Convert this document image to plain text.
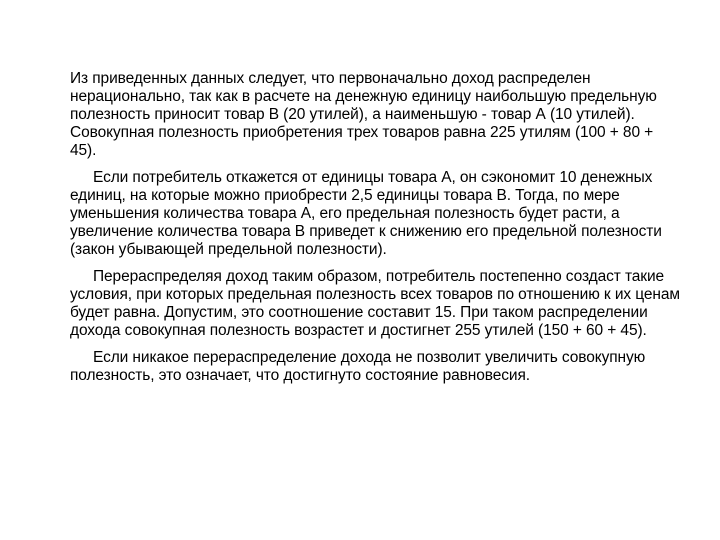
Из приведенных данных следует, что первоначально доход распределен нерационально, так как в расчете на денежную единицу наибольшую предельную полезность приносит товар В (20 утилей), а наименьшую - товар А (10 утилей). Совокупная полезность приобретения трех товаров равна 225 утилям (100 + 80 + 45).

Если потребитель откажется от единицы товара А, он сэкономит 10 денежных единиц, на которые можно приобрести 2,5 единицы товара В. Тогда, по мере уменьшения количества товара А, его предельная полезность будет расти, а увеличение количества товара В приведет к снижению его предельной полезности (закон убывающей предельной полезности).

Перераспределяя доход таким образом, потребитель постепенно создаст такие условия, при которых предельная полезность всех товаров по отношению к их ценам будет равна. Допустим, это соотношение составит 15. При таком распределении дохода совокупная полезность возрастет и достигнет 255 утилей (150 + 60 + 45).

Если никакое перераспределение дохода не позволит увеличить совокупную полезность, это означает, что достигнуто состояние равновесия.
